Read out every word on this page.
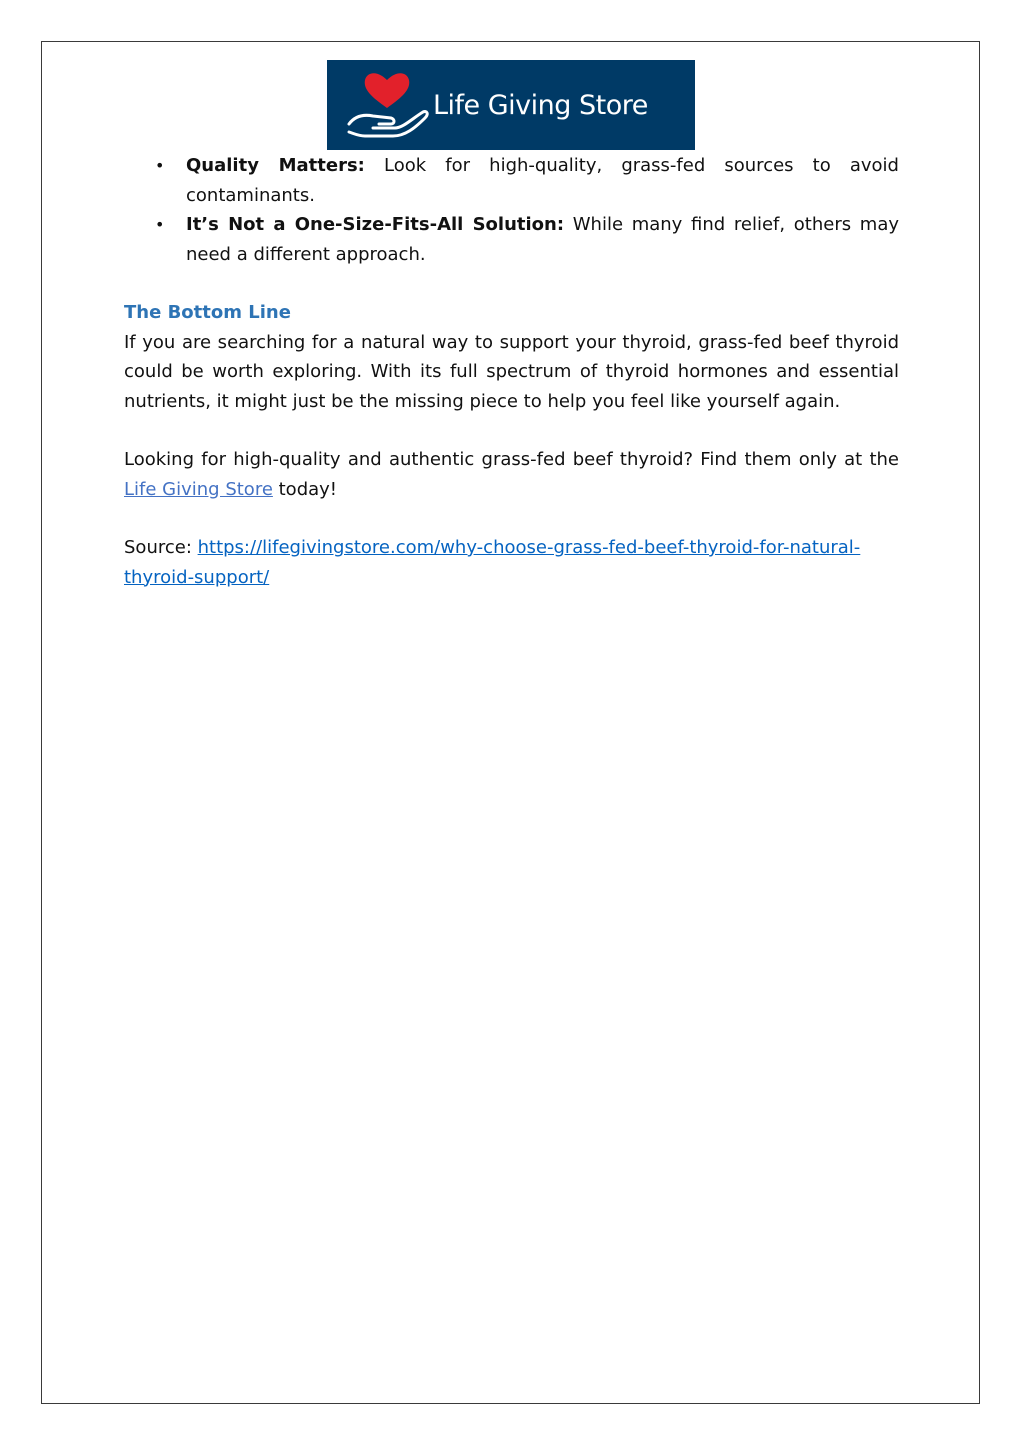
Life Giving Store
• Quality Matters: Look for high-quality, grass-fed sources to avoid contaminants.
• It’s Not a One-Size-Fits-All Solution: While many find relief, others may need a different approach.
The Bottom Line

If you are searching for a natural way to support your thyroid, grass-fed beef thyroid could be worth exploring. With its full spectrum of thyroid hormones and essential nutrients, it might just be the missing piece to help you feel like yourself again.

Looking for high-quality and authentic grass-fed beef thyroid? Find them only at the Life Giving Store today!

Source: https://lifegivingstore.com/why-choose-grass-fed-beef-thyroid-for-natural-thyroid-support/
